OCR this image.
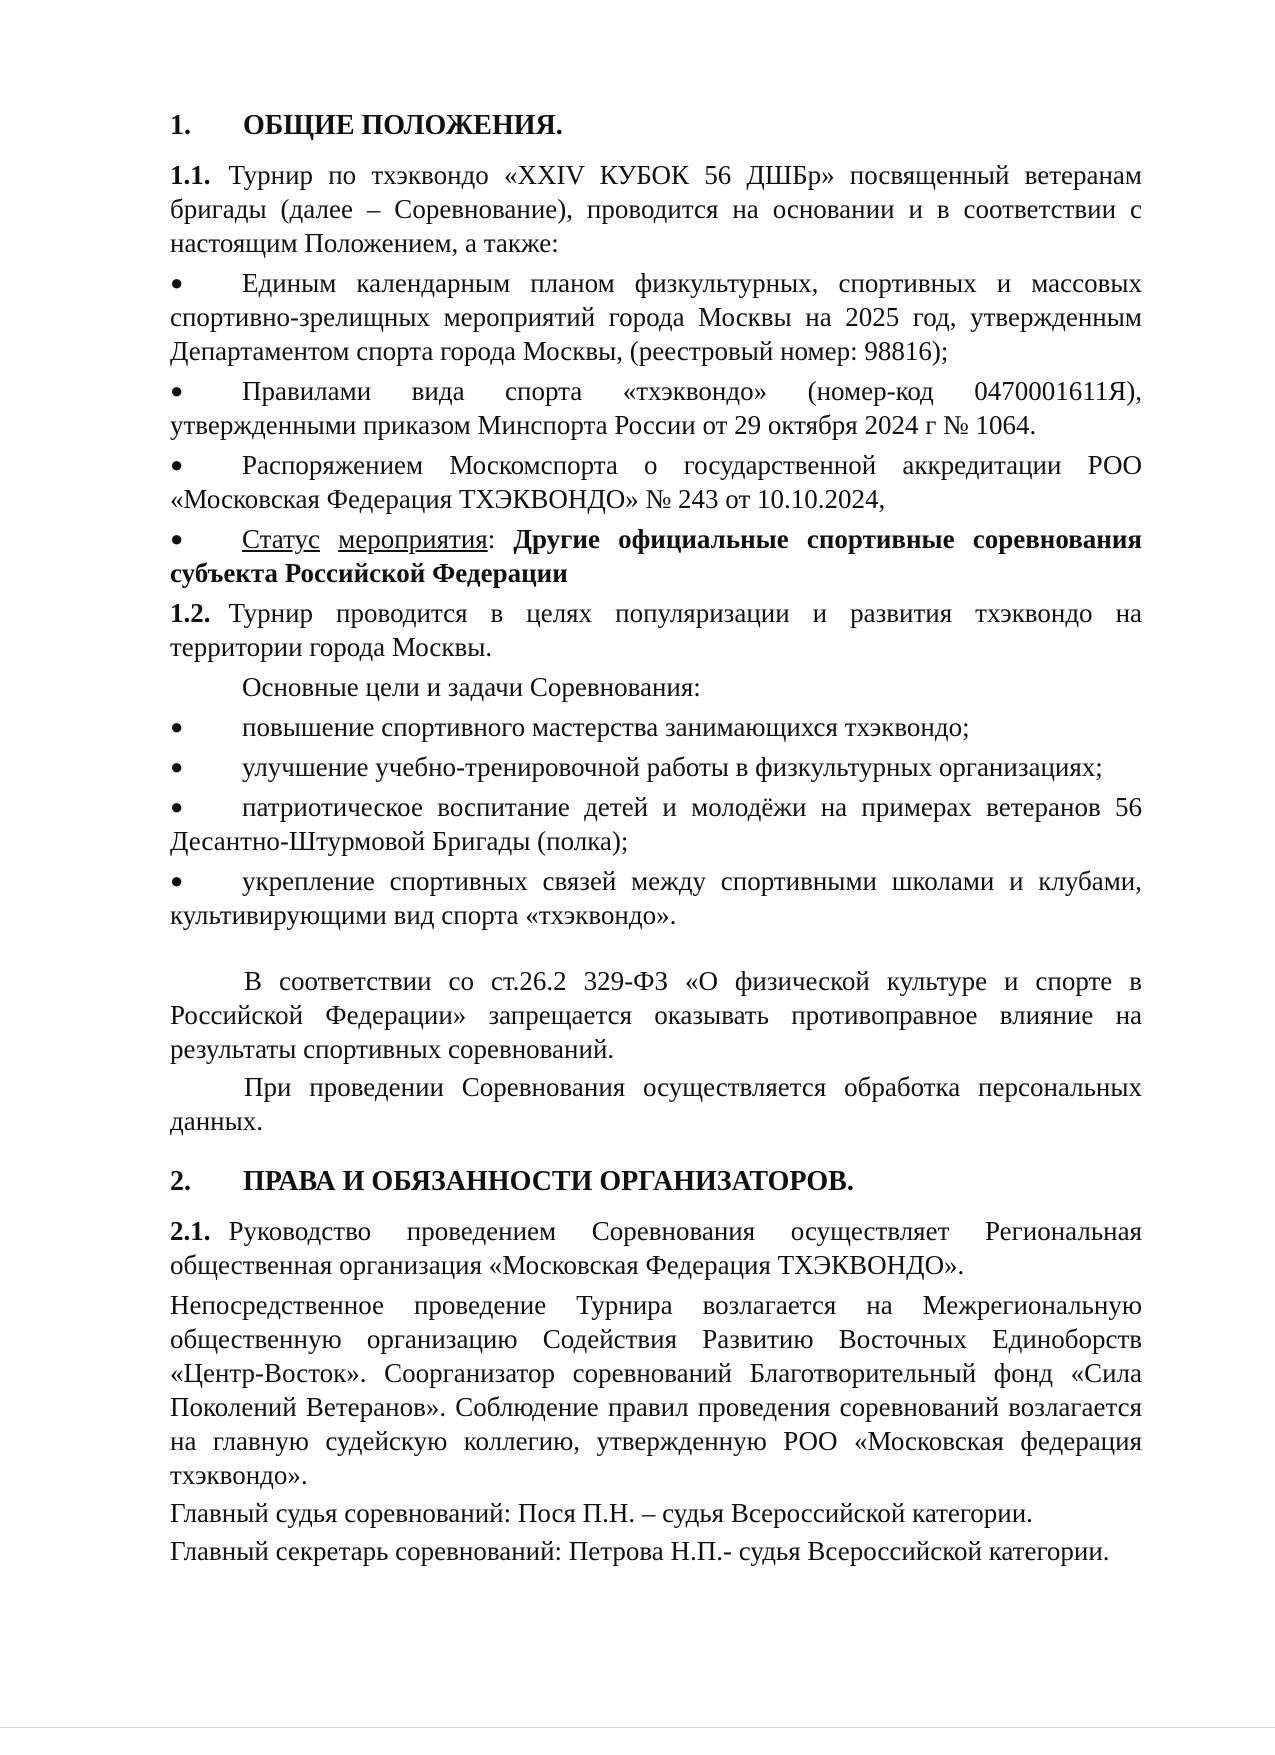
1.	ОБЩИЕ ПОЛОЖЕНИЯ.
1.1. Турнир по тхэквондо «XXIV КУБОК 56 ДШБр» посвященный ветеранам бригады (далее – Соревнование), проводится на основании и в соответствии с настоящим Положением, а также:
● Единым календарным планом физкультурных, спортивных и массовых спортивно-зрелищных мероприятий города Москвы на 2025 год, утвержденным Департаментом спорта города Москвы, (реестровый номер: 98816);
● Правилами вида спорта «тхэквондо» (номер-код 0470001611Я), утвержденными приказом Минспорта России от 29 октября 2024 г № 1064.
● Распоряжением Москомспорта о государственной аккредитации РОО «Московская Федерация ТХЭКВОНДО» № 243 от 10.10.2024,
● Статус мероприятия: Другие официальные спортивные соревнования субъекта Российской Федерации
1.2. Турнир проводится в целях популяризации и развития тхэквондо на территории города Москвы.
Основные цели и задачи Соревнования:
● повышение спортивного мастерства занимающихся тхэквондо;
● улучшение учебно-тренировочной работы в физкультурных организациях;
● патриотическое воспитание детей и молодёжи на примерах ветеранов 56 Десантно-Штурмовой Бригады (полка);
● укрепление спортивных связей между спортивными школами и клубами, культивирующими вид спорта «тхэквондо».
В соответствии со ст.26.2 329-ФЗ «О физической культуре и спорте в Российской Федерации» запрещается оказывать противоправное влияние на результаты спортивных соревнований.
При проведении Соревнования осуществляется обработка персональных данных.
2.	ПРАВА И ОБЯЗАННОСТИ ОРГАНИЗАТОРОВ.
2.1. Руководство проведением Соревнования осуществляет Региональная общественная организация «Московская Федерация ТХЭКВОНДО».
Непосредственное проведение Турнира возлагается на Межрегиональную общественную организацию Содействия Развитию Восточных Единоборств «Центр-Восток». Соорганизатор соревнований Благотворительный фонд «Сила Поколений Ветеранов». Соблюдение правил проведения соревнований возлагается на главную судейскую коллегию, утвержденную РОО «Московская федерация тхэквондо».
Главный судья соревнований: Пося П.Н. – судья Всероссийской категории.
Главный секретарь соревнований: Петрова Н.П.- судья Всероссийской категории.
